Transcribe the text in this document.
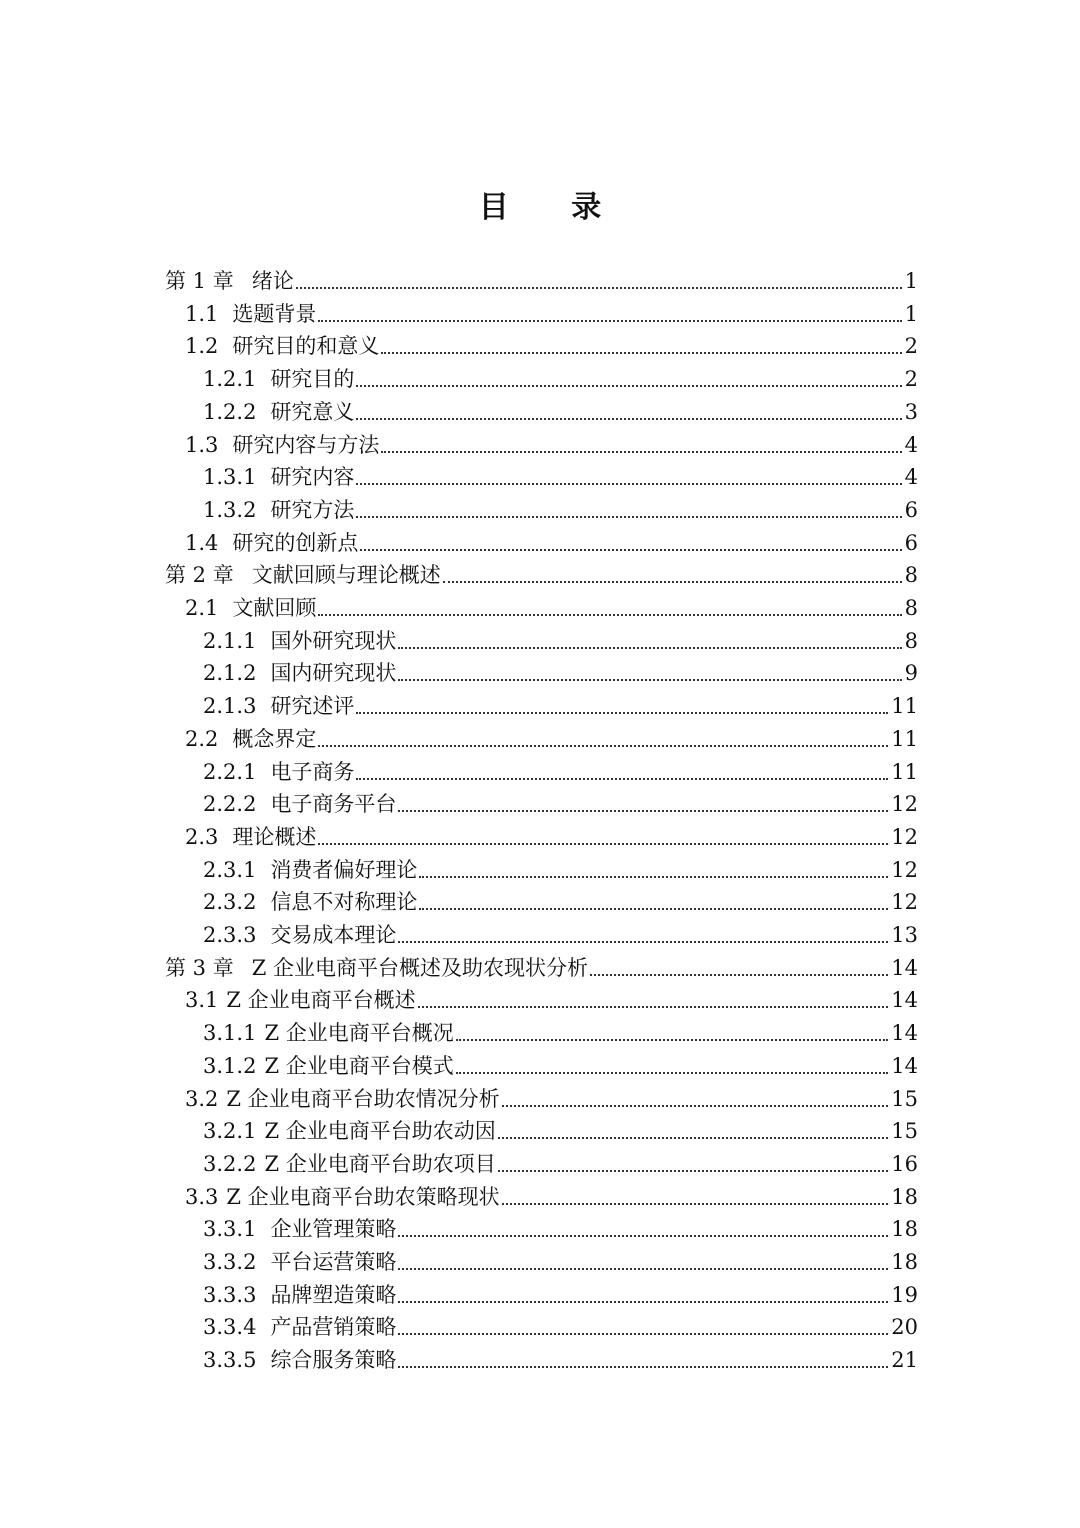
目 录
第 1 章 绪论	1
1.1 选题背景	1
1.2 研究目的和意义	2
1.2.1 研究目的	2
1.2.2 研究意义	3
1.3 研究内容与方法	4
1.3.1 研究内容	4
1.3.2 研究方法	6
1.4 研究的创新点	6
第 2 章 文献回顾与理论概述	8
2.1 文献回顾	8
2.1.1 国外研究现状	8
2.1.2 国内研究现状	9
2.1.3 研究述评	11
2.2 概念界定	11
2.2.1 电子商务	11
2.2.2 电子商务平台	12
2.3 理论概述	12
2.3.1 消费者偏好理论	12
2.3.2 信息不对称理论	12
2.3.3 交易成本理论	13
第 3 章 Z 企业电商平台概述及助农现状分析	14
3.1 Z 企业电商平台概述	14
3.1.1 Z 企业电商平台概况	14
3.1.2 Z 企业电商平台模式	14
3.2 Z 企业电商平台助农情况分析	15
3.2.1 Z 企业电商平台助农动因	15
3.2.2 Z 企业电商平台助农项目	16
3.3 Z 企业电商平台助农策略现状	18
3.3.1 企业管理策略	18
3.3.2 平台运营策略	18
3.3.3 品牌塑造策略	19
3.3.4 产品营销策略	20
3.3.5 综合服务策略	21
